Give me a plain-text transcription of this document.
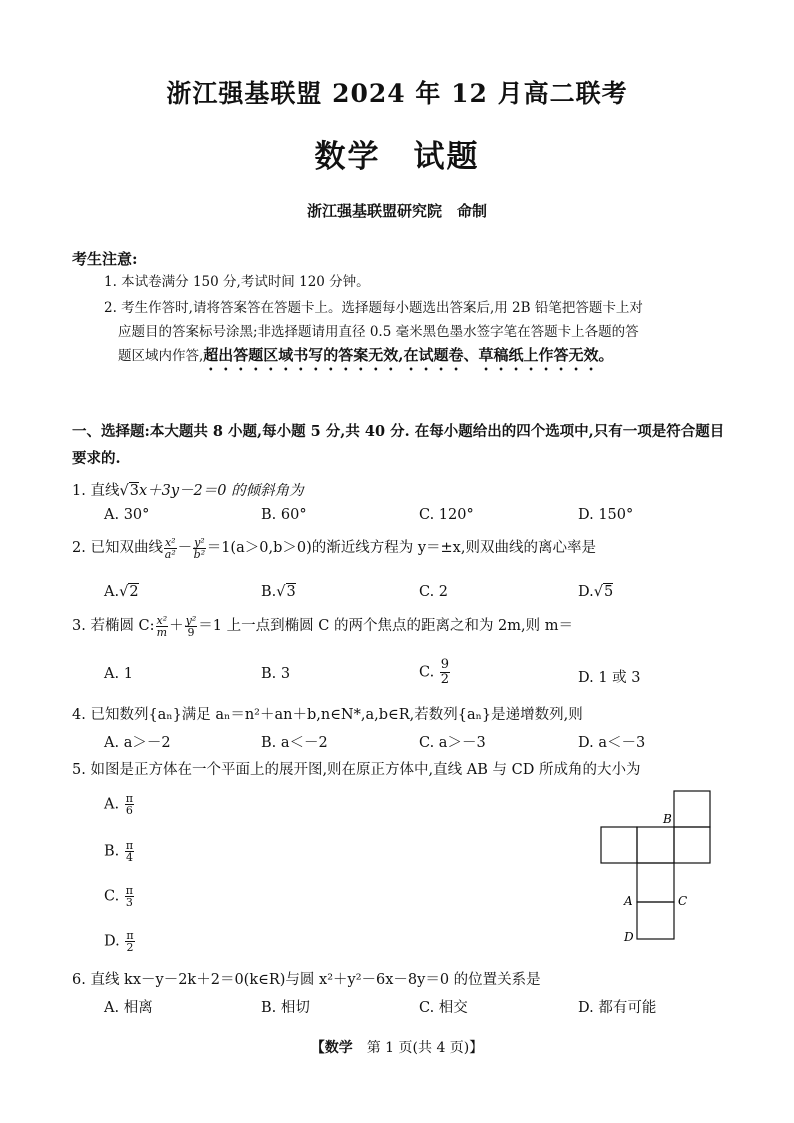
浙江强基联盟 2024 年 12 月高二联考
数学　试题
浙江强基联盟研究院　命制
考生注意:
1. 本试卷满分 150 分,考试时间 120 分钟。
2. 考生作答时,请将答案答在答题卡上。选择题每小题选出答案后,用 2B 铅笔把答题卡上对
应题目的答案标号涂黑;非选择题请用直径 0.5 毫米黑色墨水签字笔在答题卡上各题的答
题区域内作答,超出答题区域书写的答案无效,在试题卷、草稿纸上作答无效。
一、选择题:本大题共 8 小题,每小题 5 分,共 40 分. 在每小题给出的四个选项中,只有一项是符合题目要求的.
1. 直线√3x＋3y－2＝0 的倾斜角为
A. 30°	B. 60°	C. 120°	D. 150°
2. 已知双曲线 $\frac{\text{x²}}{\text{a²}} - \frac{\text{y²}}{\text{b²}} =1(a>0,b>0)$的渐近线方程为 y＝±x,则双曲线的离心率是
A.√2	B.√3	C. 2	D.√5
3. 若椭圆 C: $\frac{\text{x²}}{m} + \frac{\text{y²}}{9} =1$ 上一点到椭圆 C 的两个焦点的距离之和为 2m,则 m＝
A. 1	B. 3	C. $\frac{9}{2}$	D. 1 或 3
4. 已知数列{aₙ}满足 aₙ＝n²＋an＋b,n∈N*,a,b∈R,若数列{aₙ}是递增数列,则
A. a＞－2	B. a＜－2	C. a＞－3	D. a＜－3
5. 如图是正方体在一个平面上的展开图,则在原正方体中,直线 AB 与 CD 所成角的大小为
A. $\frac{\pi}{6}$
B. $\frac{\pi}{4}$
C. $\frac{\pi}{3}$
D. $\frac{\pi}{2}$
B
A	C
D
6. 直线 kx－y－2k＋2＝0(k∈R)与圆 x²＋y²－6x－8y＝0 的位置关系是
A. 相离	B. 相切	C. 相交	D. 都有可能
【数学　 第 1 页(共 4 页)】
